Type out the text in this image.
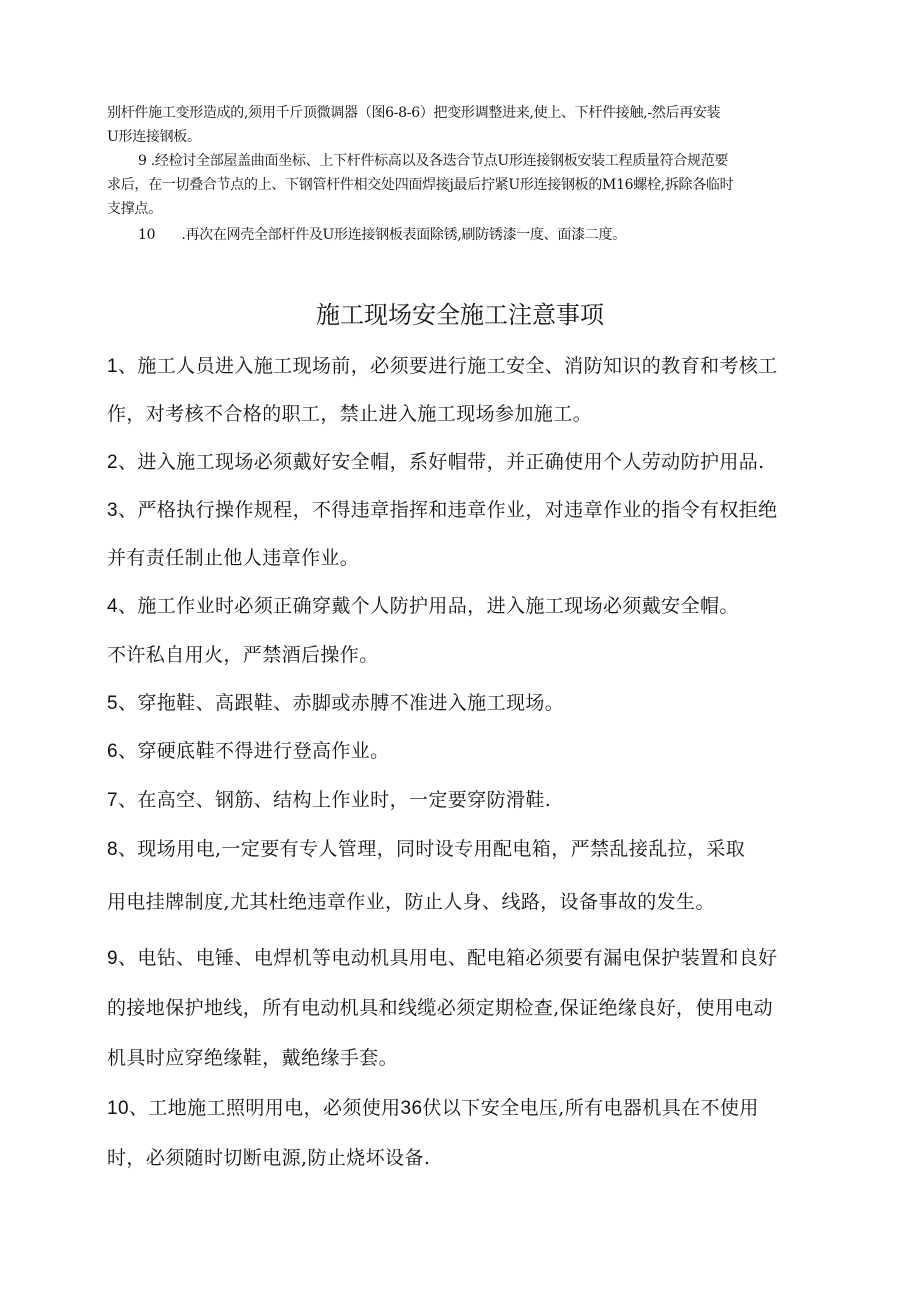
别杆件施工变形造成的,须用千斤顶微调器（图6-8-6）把变形调整进来,使上、下杆件接触,-然后再安装
U形连接钢板。
9 .经检讨全部屋盖曲面坐标、上下杆件标高以及各迭合节点U形连接钢板安装工程质量符合规范要
求后，在一切叠合节点的上、下钢管杆件相交处四面焊接j最后拧紧U形连接钢板的M16螺栓,拆除各临时
支撑点。
10 .再次在网壳全部杆件及U形连接钢板表面除锈,刷防锈漆一度、面漆二度。
施工现场安全施工注意事项
1、施工人员进入施工现场前，必须要进行施工安全、消防知识的教育和考核工
作，对考核不合格的职工，禁止进入施工现场参加施工。
2、进入施工现场必须戴好安全帽，系好帽带，并正确使用个人劳动防护用品.
3、严格执行操作规程，不得违章指挥和违章作业，对违章作业的指令有权拒绝
并有责任制止他人违章作业。
4、施工作业时必须正确穿戴个人防护用品，进入施工现场必须戴安全帽。
不许私自用火，严禁酒后操作。
5、穿拖鞋、高跟鞋、赤脚或赤膊不准进入施工现场。
6、穿硬底鞋不得进行登高作业。
7、在高空、钢筋、结构上作业时，一定要穿防滑鞋.
8、现场用电,一定要有专人管理，同时设专用配电箱，严禁乱接乱拉，采取
用电挂牌制度,尤其杜绝违章作业，防止人身、线路，设备事故的发生。
9、电钻、电锤、电焊机等电动机具用电、配电箱必须要有漏电保护装置和良好
的接地保护地线，所有电动机具和线缆必须定期检查,保证绝缘良好，使用电动
机具时应穿绝缘鞋，戴绝缘手套。
10、工地施工照明用电，必须使用36伏以下安全电压,所有电器机具在不使用
时，必须随时切断电源,防止烧坏设备.
